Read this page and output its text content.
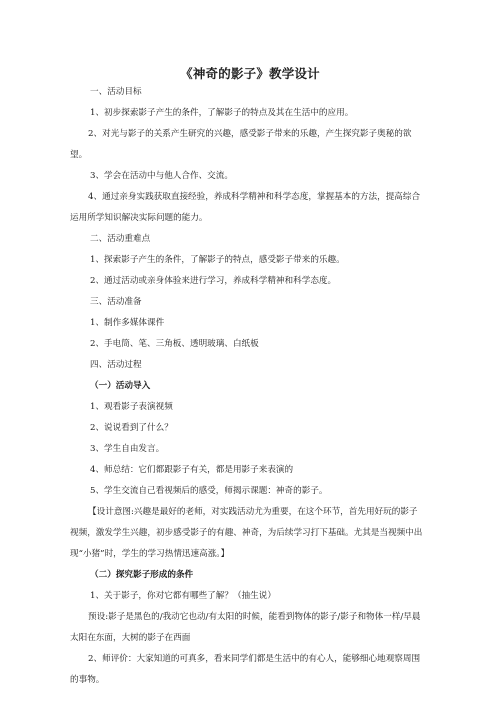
《神奇的影子》教学设计
一、活动目标
1、初步探索影子产生的条件，了解影子的特点及其在生活中的应用。
2、对光与影子的关系产生研究的兴趣，感受影子带来的乐趣，产生探究影子奥秘的欲望。
3、学会在活动中与他人合作、交流。
4、通过亲身实践获取直接经验，养成科学精神和科学态度，掌握基本的方法，提高综合运用所学知识解决实际问题的能力。
二、活动重难点
1、探索影子产生的条件，了解影子的特点，感受影子带来的乐趣。
2、通过活动或亲身体验来进行学习，养成科学精神和科学态度。
三、活动准备
1、制作多媒体课件
2、手电筒、笔、三角板、透明玻璃、白纸板
四、活动过程
（一）活动导入
1、观看影子表演视频
2、说说看到了什么？
3、学生自由发言。
4、师总结：它们都跟影子有关，都是用影子来表演的
5、学生交流自己看视频后的感受，师揭示课题：神奇的影子。
【设计意图:兴趣是最好的老师，对实践活动尤为重要，在这个环节，首先用好玩的影子视频，激发学生兴趣，初步感受影子的有趣、神奇，为后续学习打下基础。尤其是当视频中出现“小猪”时，学生的学习热情迅速高涨。】
（二）探究影子形成的条件
1、关于影子，你对它都有哪些了解？（抽生说）
预设:影子是黑色的/我动它也动/有太阳的时候，能看到物体的影子/影子和物体一样/早晨太阳在东面，大树的影子在西面
2、师评价：大家知道的可真多，看来同学们都是生活中的有心人，能够细心地观察周围的事物。
